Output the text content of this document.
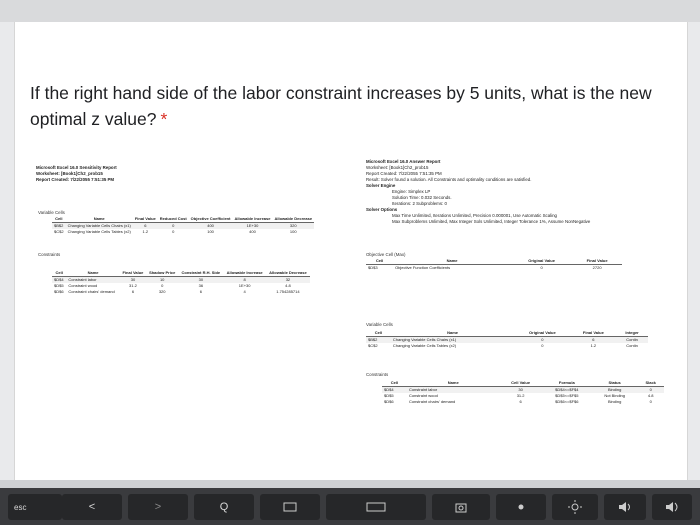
If the right hand side of the labor constraint increases by 5 units, what is the new optimal z value? *
Microsoft Excel 16.0 Sensitivity Report
Worksheet: [Book1]Ch2_prob15
Report Created: 7/22/2055 7:51:35 PM
Variable Cells
Cell	Name	Final Value	Reduced Cost	Objective Coefficient	Allowable Increase	Allowable Decrease
$B$2	Changing Variable Cells Chairs (x1)	6	0	400	1E+30	320
$C$2	Changing Variable Cells Tables (x2)	1.2	0	100	400	100
Constraints
Cell	Name	Final Value	Shadow Price	Constraint R.H. Side	Allowable Increase	Allowable Decrease
$D$4	Constraint labor	30	10	30	8	32
$D$5	Constraint wood	31.2	0	36	1E+30	4.8
$D$6	Constraint chairs' demand	6	320	6	4	1.754285714
Microsoft Excel 16.0 Answer Report
Worksheet: [Book1]Ch2_prob15
Report Created: 7/22/2055 7:51:35 PM
Result: Solver found a solution. All Constraints and optimality conditions are satisfied.
Solver Engine
Engine: Simplex LP
Solution Time: 0.032 Seconds.
Iterations: 2 Subproblems: 0
Solver Options
Max Time Unlimited, Iterations Unlimited, Precision 0.000001, Use Automatic Scaling
Max Subproblems Unlimited, Max Integer Sols Unlimited, Integer Tolerance 1%, Assume NonNegative
Objective Cell (Max)
Cell	Name	Original Value	Final Value
$D$3	Objective Function Coefficients	0	2720
Variable Cells
Cell	Name	Original Value	Final Value	Integer
$B$2	Changing Variable Cells Chairs (x1)	0	6	Contin
$C$2	Changing Variable Cells Tables (x2)	0	1.2	Contin
Constraints
Cell	Name	Cell Value	Formula	Status	Slack
$D$4	Constraint labor	30	$D$4<=$F$4	Binding	0
$D$5	Constraint wood	31.2	$D$5<=$F$5	Not Binding	4.8
$D$6	Constraint chairs' demand	6	$D$6<=$F$6	Binding	0
esc	<	>	Q
